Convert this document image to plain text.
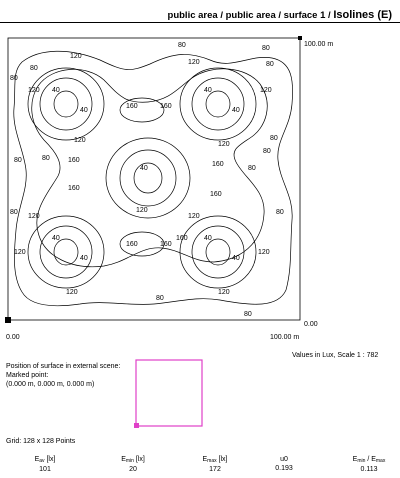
public area / public area / surface 1 / Isolines (E)
80	80
80
80
80
80
80
80
80
80	80
80
80
80
120
120
120
120
120
120
120	120
120	120
120	120
120
40
40
40
40
40
40
40
40
40
160	160
160
160
160
160
160	160
160
100.00 m
0.00
0.00	100.00 m
Values in Lux, Scale 1 : 782
Position of surface in external scene:
Marked point:
(0.000 m, 0.000 m, 0.000 m)
Grid: 128 x 128 Points
$E_{av}$ [lx]
101
$E_{min}$ [lx]
20
$E_{max}$ [lx]
172
u0
0.193
$E_{min} / E_{max}$
0.113
